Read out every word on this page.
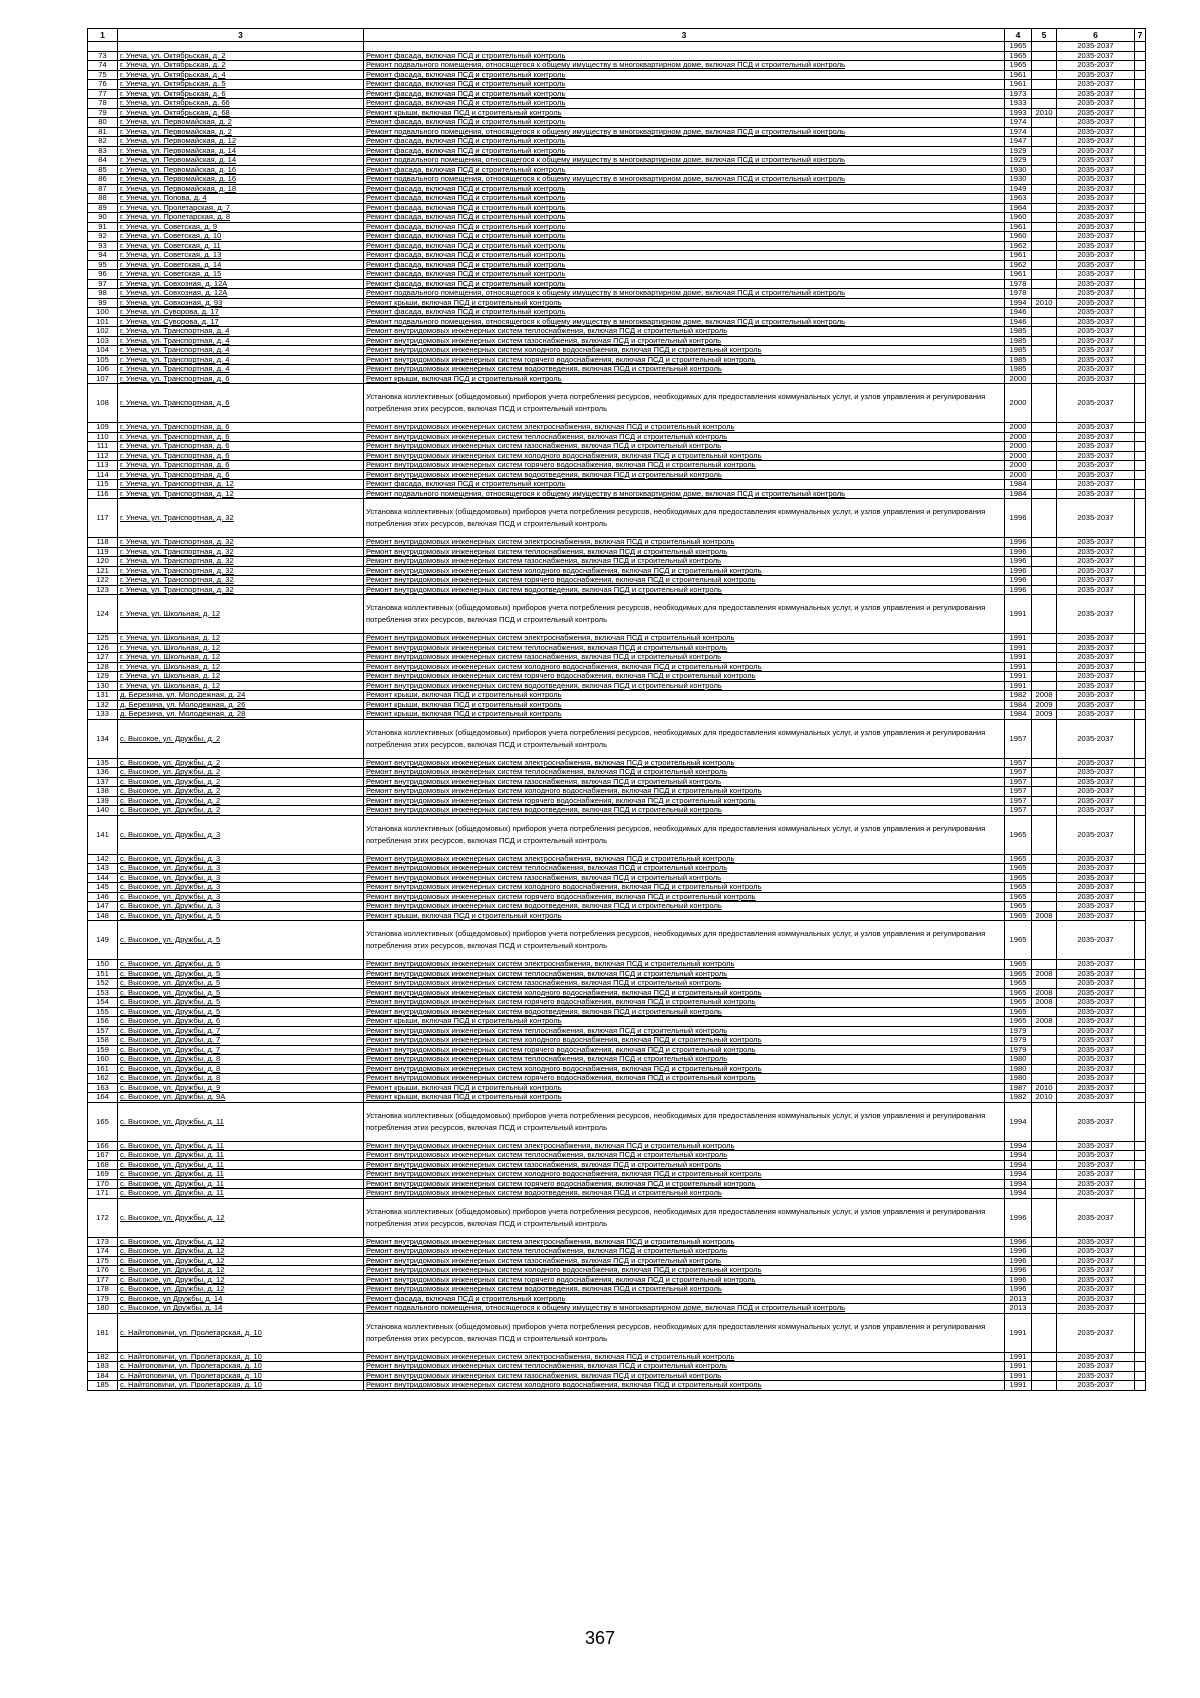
1	3	3	4	5	6	7
			1965		2035-2037	
73	г. Унеча, ул. Октябрьская, д. 2	Ремонт фасада, включая ПСД и строительный контроль	1965		2035-2037	
74	г. Унеча, ул. Октябрьская, д. 2	Ремонт подвального помещения, относящегося к общему имуществу в многоквартирном доме, включая ПСД и строительный контроль	1965		2035-2037	
75	г. Унеча, ул. Октябрьская, д. 4	Ремонт фасада, включая ПСД и строительный контроль	1961		2035-2037	
76	г. Унеча, ул. Октябрьская, д. 5	Ремонт фасада, включая ПСД и строительный контроль	1961		2035-2037	
77	г. Унеча, ул. Октябрьская, д. 6	Ремонт фасада, включая ПСД и строительный контроль	1973		2035-2037	
78	г. Унеча, ул. Октябрьская, д. 66	Ремонт фасада, включая ПСД и строительный контроль	1933		2035-2037	
79	г. Унеча, ул. Октябрьская, д. 68	Ремонт крыши, включая ПСД и строительный контроль	1993	2010	2035-2037	
80	г. Унеча, ул. Первомайская, д. 2	Ремонт фасада, включая ПСД и строительный контроль	1974		2035-2037	
81	г. Унеча, ул. Первомайская, д. 2	Ремонт подвального помещения, относящегося к общему имуществу в многоквартирном доме, включая ПСД и строительный контроль	1974		2035-2037	
82	г. Унеча, ул. Первомайская, д. 12	Ремонт фасада, включая ПСД и строительный контроль	1947		2035-2037	
83	г. Унеча, ул. Первомайская, д. 14	Ремонт фасада, включая ПСД и строительный контроль	1929		2035-2037	
84	г. Унеча, ул. Первомайская, д. 14	Ремонт подвального помещения, относящегося к общему имуществу в многоквартирном доме, включая ПСД и строительный контроль	1929		2035-2037	
85	г. Унеча, ул. Первомайская, д. 16	Ремонт фасада, включая ПСД и строительный контроль	1930		2035-2037	
86	г. Унеча, ул. Первомайская, д. 16	Ремонт подвального помещения, относящегося к общему имуществу в многоквартирном доме, включая ПСД и строительный контроль	1930		2035-2037	
87	г. Унеча, ул. Первомайская, д. 18	Ремонт фасада, включая ПСД и строительный контроль	1949		2035-2037	
88	г. Унеча, ул. Попова, д. 4	Ремонт фасада, включая ПСД и строительный контроль	1963		2035-2037	
89	г. Унеча, ул. Пролетарская, д. 7	Ремонт фасада, включая ПСД и строительный контроль	1964		2035-2037	
90	г. Унеча, ул. Пролетарская, д. 8	Ремонт фасада, включая ПСД и строительный контроль	1960		2035-2037	
91	г. Унеча, ул. Советская, д. 9	Ремонт фасада, включая ПСД и строительный контроль	1961		2035-2037	
92	г. Унеча, ул. Советская, д. 10	Ремонт фасада, включая ПСД и строительный контроль	1960		2035-2037	
93	г. Унеча, ул. Советская, д. 11	Ремонт фасада, включая ПСД и строительный контроль	1962		2035-2037	
94	г. Унеча, ул. Советская, д. 13	Ремонт фасада, включая ПСД и строительный контроль	1961		2035-2037	
95	г. Унеча, ул. Советская, д. 14	Ремонт фасада, включая ПСД и строительный контроль	1962		2035-2037	
96	г. Унеча, ул. Советская, д. 15	Ремонт фасада, включая ПСД и строительный контроль	1961		2035-2037	
97	г. Унеча, ул. Совхозная, д. 12А	Ремонт фасада, включая ПСД и строительный контроль	1978		2035-2037	
98	г. Унеча, ул. Совхозная, д. 12А	Ремонт подвального помещения, относящегося к общему имуществу в многоквартирном доме, включая ПСД и строительный контроль	1978		2035-2037	
99	г. Унеча, ул. Совхозная, д. 93	Ремонт крыши, включая ПСД и строительный контроль	1994	2010	2035-2037	
100	г. Унеча, ул. Суворова, д. 17	Ремонт фасада, включая ПСД и строительный контроль	1946		2035-2037	
101	г. Унеча, ул. Суворова, д. 17	Ремонт подвального помещения, относящегося к общему имуществу в многоквартирном доме, включая ПСД и строительный контроль	1946		2035-2037	
102	г. Унеча, ул. Транспортная, д. 4	Ремонт внутридомовых инженерных систем теплоснабжения, включая ПСД и строительный контроль	1985		2035-2037	
103	г. Унеча, ул. Транспортная, д. 4	Ремонт внутридомовых инженерных систем газоснабжения, включая ПСД и строительный контроль	1985		2035-2037	
104	г. Унеча, ул. Транспортная, д. 4	Ремонт внутридомовых инженерных систем холодного водоснабжения, включая ПСД и строительный контроль	1985		2035-2037	
105	г. Унеча, ул. Транспортная, д. 4	Ремонт внутридомовых инженерных систем горячего водоснабжения, включая ПСД и строительный контроль	1985		2035-2037	
106	г. Унеча, ул. Транспортная, д. 4	Ремонт внутридомовых инженерных систем водоотведения, включая ПСД и строительный контроль	1985		2035-2037	
107	г. Унеча, ул. Транспортная, д. 6	Ремонт крыши, включая ПСД и строительный контроль	2000		2035-2037	
108	г. Унеча, ул. Транспортная, д. 6	Установка коллективных (общедомовых) приборов учета потребления ресурсов, необходимых для предоставления коммунальных услуг, и узлов управления и регулирования потребления этих ресурсов, включая ПСД и строительный контроль	2000		2035-2037	
109	г. Унеча, ул. Транспортная, д. 6	Ремонт внутридомовых инженерных систем электроснабжения, включая ПСД и строительный контроль	2000		2035-2037	
110	г. Унеча, ул. Транспортная, д. 6	Ремонт внутридомовых инженерных систем теплоснабжения, включая ПСД и строительный контроль	2000		2035-2037	
111	г. Унеча, ул. Транспортная, д. 6	Ремонт внутридомовых инженерных систем газоснабжения, включая ПСД и строительный контроль	2000		2035-2037	
112	г. Унеча, ул. Транспортная, д. 6	Ремонт внутридомовых инженерных систем холодного водоснабжения, включая ПСД и строительный контроль	2000		2035-2037	
113	г. Унеча, ул. Транспортная, д. 6	Ремонт внутридомовых инженерных систем горячего водоснабжения, включая ПСД и строительный контроль	2000		2035-2037	
114	г. Унеча, ул. Транспортная, д. 6	Ремонт внутридомовых инженерных систем водоотведения, включая ПСД и строительный контроль	2000		2035-2037	
115	г. Унеча, ул. Транспортная, д. 12	Ремонт фасада, включая ПСД и строительный контроль	1984		2035-2037	
116	г. Унеча, ул. Транспортная, д. 12	Ремонт подвального помещения, относящегося к общему имуществу в многоквартирном доме, включая ПСД и строительный контроль	1984		2035-2037	
117	г. Унеча, ул. Транспортная, д. 32	Установка коллективных (общедомовых) приборов учета потребления ресурсов, необходимых для предоставления коммунальных услуг, и узлов управления и регулирования потребления этих ресурсов, включая ПСД и строительный контроль	1996		2035-2037	
118	г. Унеча, ул. Транспортная, д. 32	Ремонт внутридомовых инженерных систем электроснабжения, включая ПСД и строительный контроль	1996		2035-2037	
119	г. Унеча, ул. Транспортная, д. 32	Ремонт внутридомовых инженерных систем теплоснабжения, включая ПСД и строительный контроль	1996		2035-2037	
120	г. Унеча, ул. Транспортная, д. 32	Ремонт внутридомовых инженерных систем газоснабжения, включая ПСД и строительный контроль	1996		2035-2037	
121	г. Унеча, ул. Транспортная, д. 32	Ремонт внутридомовых инженерных систем холодного водоснабжения, включая ПСД и строительный контроль	1996		2035-2037	
122	г. Унеча, ул. Транспортная, д. 32	Ремонт внутридомовых инженерных систем горячего водоснабжения, включая ПСД и строительный контроль	1996		2035-2037	
123	г. Унеча, ул. Транспортная, д. 32	Ремонт внутридомовых инженерных систем водоотведения, включая ПСД и строительный контроль	1996		2035-2037	
124	г. Унеча, ул. Школьная, д. 12	Установка коллективных (общедомовых) приборов учета потребления ресурсов, необходимых для предоставления коммунальных услуг, и узлов управления и регулирования потребления этих ресурсов, включая ПСД и строительный контроль	1991		2035-2037	
125	г. Унеча, ул. Школьная, д. 12	Ремонт внутридомовых инженерных систем электроснабжения, включая ПСД и строительный контроль	1991		2035-2037	
126	г. Унеча, ул. Школьная, д. 12	Ремонт внутридомовых инженерных систем теплоснабжения, включая ПСД и строительный контроль	1991		2035-2037	
127	г. Унеча, ул. Школьная, д. 12	Ремонт внутридомовых инженерных систем газоснабжения, включая ПСД и строительный контроль	1991		2035-2037	
128	г. Унеча, ул. Школьная, д. 12	Ремонт внутридомовых инженерных систем холодного водоснабжения, включая ПСД и строительный контроль	1991		2035-2037	
129	г. Унеча, ул. Школьная, д. 12	Ремонт внутридомовых инженерных систем горячего водоснабжения, включая ПСД и строительный контроль	1991		2035-2037	
130	г. Унеча, ул. Школьная, д. 12	Ремонт внутридомовых инженерных систем водоотведения, включая ПСД и строительный контроль	1991		2035-2037	
131	д. Березина, ул. Молодежная, д. 24	Ремонт крыши, включая ПСД и строительный контроль	1982	2008	2035-2037	
132	д. Березина, ул. Молодежная, д. 26	Ремонт крыши, включая ПСД и строительный контроль	1984	2009	2035-2037	
133	д. Березина, ул. Молодежная, д. 28	Ремонт крыши, включая ПСД и строительный контроль	1984	2009	2035-2037	
134	с. Высокое, ул. Дружбы, д. 2	Установка коллективных (общедомовых) приборов учета потребления ресурсов, необходимых для предоставления коммунальных услуг, и узлов управления и регулирования потребления этих ресурсов, включая ПСД и строительный контроль	1957		2035-2037	
135	с. Высокое, ул. Дружбы, д. 2	Ремонт внутридомовых инженерных систем электроснабжения, включая ПСД и строительный контроль	1957		2035-2037	
136	с. Высокое, ул. Дружбы, д. 2	Ремонт внутридомовых инженерных систем теплоснабжения, включая ПСД и строительный контроль	1957		2035-2037	
137	с. Высокое, ул. Дружбы, д. 2	Ремонт внутридомовых инженерных систем газоснабжения, включая ПСД и строительный контроль	1957		2035-2037	
138	с. Высокое, ул. Дружбы, д. 2	Ремонт внутридомовых инженерных систем холодного водоснабжения, включая ПСД и строительный контроль	1957		2035-2037	
139	с. Высокое, ул. Дружбы, д. 2	Ремонт внутридомовых инженерных систем горячего водоснабжения, включая ПСД и строительный контроль	1957		2035-2037	
140	с. Высокое, ул. Дружбы, д. 2	Ремонт внутридомовых инженерных систем водоотведения, включая ПСД и строительный контроль	1957		2035-2037	
141	с. Высокое, ул. Дружбы, д. 3	Установка коллективных (общедомовых) приборов учета потребления ресурсов, необходимых для предоставления коммунальных услуг, и узлов управления и регулирования потребления этих ресурсов, включая ПСД и строительный контроль	1965		2035-2037	
142	с. Высокое, ул. Дружбы, д. 3	Ремонт внутридомовых инженерных систем электроснабжения, включая ПСД и строительный контроль	1965		2035-2037	
143	с. Высокое, ул. Дружбы, д. 3	Ремонт внутридомовых инженерных систем теплоснабжения, включая ПСД и строительный контроль	1965		2035-2037	
144	с. Высокое, ул. Дружбы, д. 3	Ремонт внутридомовых инженерных систем газоснабжения, включая ПСД и строительный контроль	1965		2035-2037	
145	с. Высокое, ул. Дружбы, д. 3	Ремонт внутридомовых инженерных систем холодного водоснабжения, включая ПСД и строительный контроль	1965		2035-2037	
146	с. Высокое, ул. Дружбы, д. 3	Ремонт внутридомовых инженерных систем горячего водоснабжения, включая ПСД и строительный контроль	1965		2035-2037	
147	с. Высокое, ул. Дружбы, д. 3	Ремонт внутридомовых инженерных систем водоотведения, включая ПСД и строительный контроль	1965		2035-2037	
148	с. Высокое, ул. Дружбы, д. 5	Ремонт крыши, включая ПСД и строительный контроль	1965	2008	2035-2037	
149	с. Высокое, ул. Дружбы, д. 5	Установка коллективных (общедомовых) приборов учета потребления ресурсов, необходимых для предоставления коммунальных услуг, и узлов управления и регулирования потребления этих ресурсов, включая ПСД и строительный контроль	1965		2035-2037	
150	с. Высокое, ул. Дружбы, д. 5	Ремонт внутридомовых инженерных систем электроснабжения, включая ПСД и строительный контроль	1965		2035-2037	
151	с. Высокое, ул. Дружбы, д. 5	Ремонт внутридомовых инженерных систем теплоснабжения, включая ПСД и строительный контроль	1965	2008	2035-2037	
152	с. Высокое, ул. Дружбы, д. 5	Ремонт внутридомовых инженерных систем газоснабжения, включая ПСД и строительный контроль	1965		2035-2037	
153	с. Высокое, ул. Дружбы, д. 5	Ремонт внутридомовых инженерных систем холодного водоснабжения, включая ПСД и строительный контроль	1965	2008	2035-2037	
154	с. Высокое, ул. Дружбы, д. 5	Ремонт внутридомовых инженерных систем горячего водоснабжения, включая ПСД и строительный контроль	1965	2008	2035-2037	
155	с. Высокое, ул. Дружбы, д. 5	Ремонт внутридомовых инженерных систем водоотведения, включая ПСД и строительный контроль	1965		2035-2037	
156	с. Высокое, ул. Дружбы, д. 6	Ремонт крыши, включая ПСД и строительный контроль	1965	2008	2035-2037	
157	с. Высокое, ул. Дружбы, д. 7	Ремонт внутридомовых инженерных систем теплоснабжения, включая ПСД и строительный контроль	1979		2035-2037	
158	с. Высокое, ул. Дружбы, д. 7	Ремонт внутридомовых инженерных систем холодного водоснабжения, включая ПСД и строительный контроль	1979		2035-2037	
159	с. Высокое, ул. Дружбы, д. 7	Ремонт внутридомовых инженерных систем горячего водоснабжения, включая ПСД и строительный контроль	1979		2035-2037	
160	с. Высокое, ул. Дружбы, д. 8	Ремонт внутридомовых инженерных систем теплоснабжения, включая ПСД и строительный контроль	1980		2035-2037	
161	с. Высокое, ул. Дружбы, д. 8	Ремонт внутридомовых инженерных систем холодного водоснабжения, включая ПСД и строительный контроль	1980		2035-2037	
162	с. Высокое, ул. Дружбы, д. 8	Ремонт внутридомовых инженерных систем горячего водоснабжения, включая ПСД и строительный контроль	1980		2035-2037	
163	с. Высокое, ул. Дружбы, д. 9	Ремонт крыши, включая ПСД и строительный контроль	1987	2010	2035-2037	
164	с. Высокое, ул. Дружбы, д. 9А	Ремонт крыши, включая ПСД и строительный контроль	1982	2010	2035-2037	
165	с. Высокое, ул. Дружбы, д. 11	Установка коллективных (общедомовых) приборов учета потребления ресурсов, необходимых для предоставления коммунальных услуг, и узлов управления и регулирования потребления этих ресурсов, включая ПСД и строительный контроль	1994		2035-2037	
166	с. Высокое, ул. Дружбы, д. 11	Ремонт внутридомовых инженерных систем электроснабжения, включая ПСД и строительный контроль	1994		2035-2037	
167	с. Высокое, ул. Дружбы, д. 11	Ремонт внутридомовых инженерных систем теплоснабжения, включая ПСД и строительный контроль	1994		2035-2037	
168	с. Высокое, ул. Дружбы, д. 11	Ремонт внутридомовых инженерных систем газоснабжения, включая ПСД и строительный контроль	1994		2035-2037	
169	с. Высокое, ул. Дружбы, д. 11	Ремонт внутридомовых инженерных систем холодного водоснабжения, включая ПСД и строительный контроль	1994		2035-2037	
170	с. Высокое, ул. Дружбы, д. 11	Ремонт внутридомовых инженерных систем горячего водоснабжения, включая ПСД и строительный контроль	1994		2035-2037	
171	с. Высокое, ул. Дружбы, д. 11	Ремонт внутридомовых инженерных систем водоотведения, включая ПСД и строительный контроль	1994		2035-2037	
172	с. Высокое, ул. Дружбы, д. 12	Установка коллективных (общедомовых) приборов учета потребления ресурсов, необходимых для предоставления коммунальных услуг, и узлов управления и регулирования потребления этих ресурсов, включая ПСД и строительный контроль	1996		2035-2037	
173	с. Высокое, ул. Дружбы, д. 12	Ремонт внутридомовых инженерных систем электроснабжения, включая ПСД и строительный контроль	1996		2035-2037	
174	с. Высокое, ул. Дружбы, д. 12	Ремонт внутридомовых инженерных систем теплоснабжения, включая ПСД и строительный контроль	1996		2035-2037	
175	с. Высокое, ул. Дружбы, д. 12	Ремонт внутридомовых инженерных систем газоснабжения, включая ПСД и строительный контроль	1996		2035-2037	
176	с. Высокое, ул. Дружбы, д. 12	Ремонт внутридомовых инженерных систем холодного водоснабжения, включая ПСД и строительный контроль	1996		2035-2037	
177	с. Высокое, ул. Дружбы, д. 12	Ремонт внутридомовых инженерных систем горячего водоснабжения, включая ПСД и строительный контроль	1996		2035-2037	
178	с. Высокое, ул. Дружбы, д. 12	Ремонт внутридомовых инженерных систем водоотведения, включая ПСД и строительный контроль	1996		2035-2037	
179	с. Высокое, ул Дружбы, д. 14	Ремонт фасада, включая ПСД и строительный контроль	2013		2035-2037	
180	с. Высокое, ул Дружбы, д. 14	Ремонт подвального помещения, относящегося к общему имуществу в многоквартирном доме, включая ПСД и строительный контроль	2013		2035-2037	
181	с. Найтоповичи, ул. Пролетарская, д. 10	Установка коллективных (общедомовых) приборов учета потребления ресурсов, необходимых для предоставления коммунальных услуг, и узлов управления и регулирования потребления этих ресурсов, включая ПСД и строительный контроль	1991		2035-2037	
182	с. Найтоповичи, ул. Пролетарская, д. 10	Ремонт внутридомовых инженерных систем электроснабжения, включая ПСД и строительный контроль	1991		2035-2037	
183	с. Найтоповичи, ул. Пролетарская, д. 10	Ремонт внутридомовых инженерных систем теплоснабжения, включая ПСД и строительный контроль	1991		2035-2037	
184	с. Найтоповичи, ул. Пролетарская, д. 10	Ремонт внутридомовых инженерных систем газоснабжения, включая ПСД и строительный контроль	1991		2035-2037	
185	с. Найтоповичи, ул. Пролетарская, д. 10	Ремонт внутридомовых инженерных систем холодного водоснабжения, включая ПСД и строительный контроль	1991		2035-2037	
367
